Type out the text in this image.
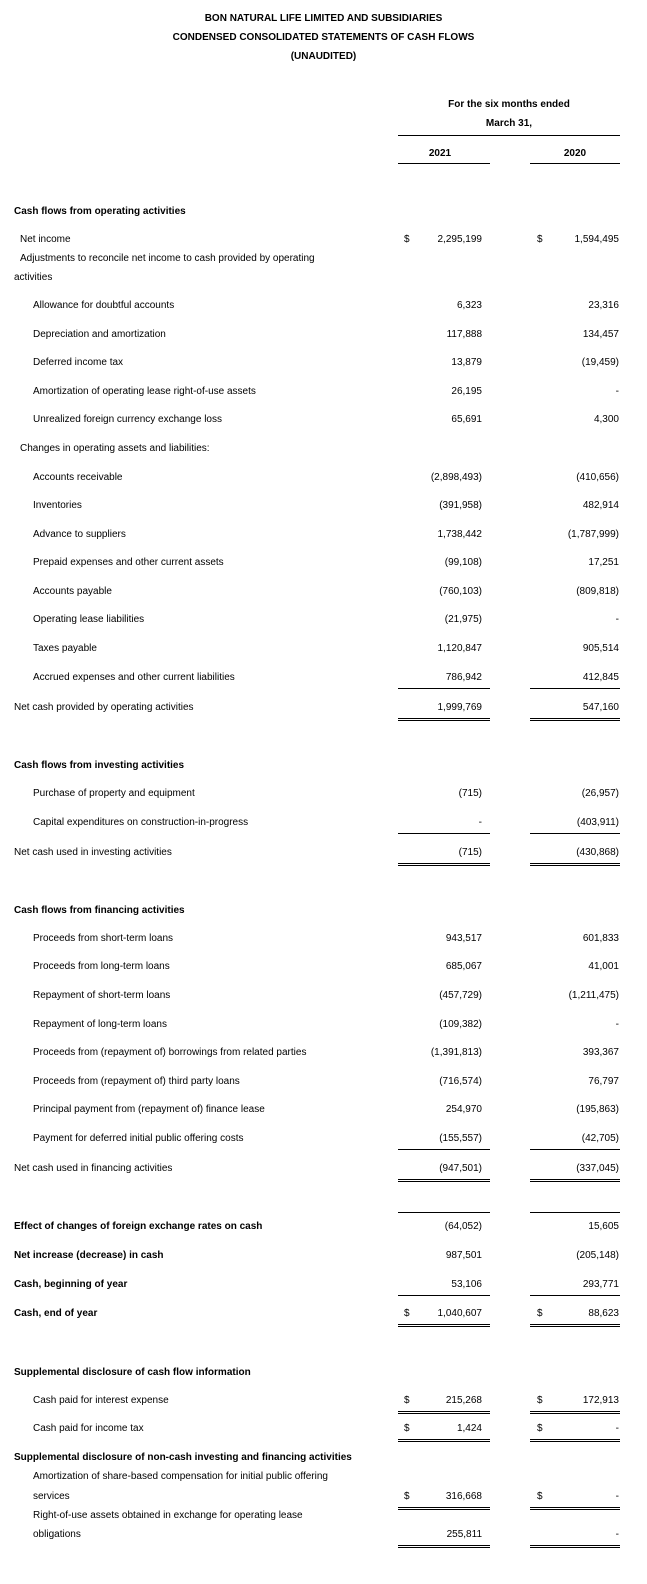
BON NATURAL LIFE LIMITED AND SUBSIDIARIES
CONDENSED CONSOLIDATED STATEMENTS OF CASH FLOWS
(UNAUDITED)
For the six months ended
March 31,
2021	2020
Cash flows from operating activities
Net income	$	2,295,199	$	1,594,495
Adjustments to reconcile net income to cash provided by operating
activities
Allowance for doubtful accounts	6,323	23,316
Depreciation and amortization	117,888	134,457
Deferred income tax	13,879	(19,459)
Amortization of operating lease right-of-use assets	26,195	-
Unrealized foreign currency exchange loss	65,691	4,300
Changes in operating assets and liabilities:
Accounts receivable	(2,898,493)	(410,656)
Inventories	(391,958)	482,914
Advance to suppliers	1,738,442	(1,787,999)
Prepaid expenses and other current assets	(99,108)	17,251
Accounts payable	(760,103)	(809,818)
Operating lease liabilities	(21,975)	-
Taxes payable	1,120,847	905,514
Accrued expenses and other current liabilities	786,942	412,845
Net cash provided by operating activities	1,999,769	547,160
Cash flows from investing activities
Purchase of property and equipment	(715)	(26,957)
Capital expenditures on construction-in-progress	-	(403,911)
Net cash used in investing activities	(715)	(430,868)
Cash flows from financing activities
Proceeds from short-term loans	943,517	601,833
Proceeds from long-term loans	685,067	41,001
Repayment of short-term loans	(457,729)	(1,211,475)
Repayment of long-term loans	(109,382)	-
Proceeds from (repayment of) borrowings from related parties	(1,391,813)	393,367
Proceeds from (repayment of) third party loans	(716,574)	76,797
Principal payment from (repayment of) finance lease	254,970	(195,863)
Payment for deferred initial public offering costs	(155,557)	(42,705)
Net cash used in financing activities	(947,501)	(337,045)
Effect of changes of foreign exchange rates on cash	(64,052)	15,605
Net increase (decrease) in cash	987,501	(205,148)
Cash, beginning of year	53,106	293,771
Cash, end of year	$	1,040,607	$	88,623
Supplemental disclosure of cash flow information
Cash paid for interest expense	$	215,268	$	172,913
Cash paid for income tax	$	1,424	$	-
Supplemental disclosure of non-cash investing and financing activities
Amortization of share-based compensation for initial public offering
services	$	316,668	$	-
Right-of-use assets obtained in exchange for operating lease
obligations	255,811	-
